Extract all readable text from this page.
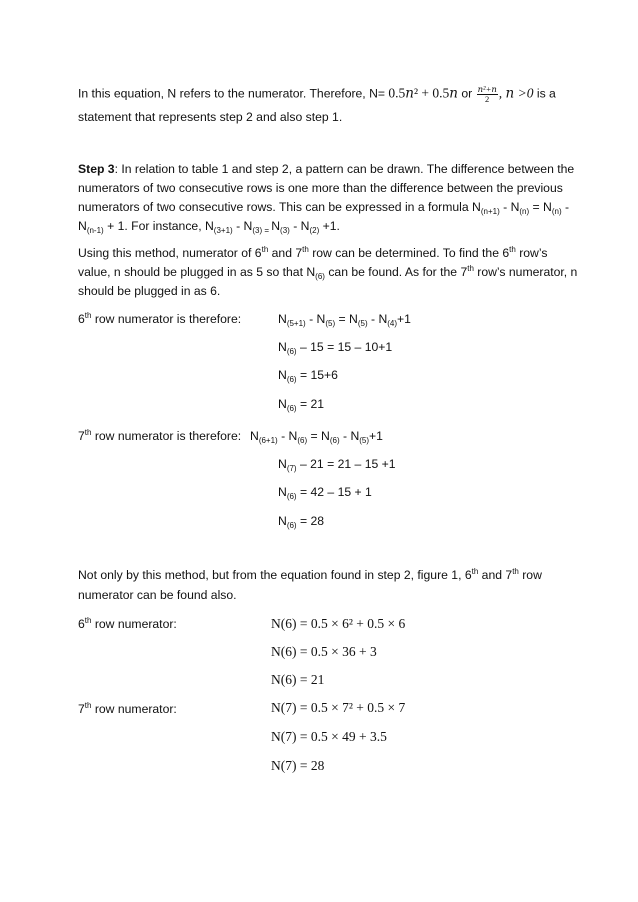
In this equation, N refers to the numerator. Therefore, N= 0.5𝑛² + 0.5𝑛 or $\frac{\text{𝑛²+𝑛}}{2}$ , 𝑛 >0 is a
statement that represents step 2 and also step 1.
Step 3: In relation to table 1 and step 2, a pattern can be drawn. The difference between the
numerators of two consecutive rows is one more than the difference between the previous
numerators of two consecutive rows. This can be expressed in a formula $N_{(n+1)} - N_{(n)} = N_{(n)}$ -
$N_{(n-1)} + 1$. For instance, $N_{(3+1)} - N_{(3) =}$ $N_{(3)} - N_{(2)} +1$.
Using this method, numerator of 6th and 7th row can be determined. To find the 6th row’s
value, n should be plugged in as 5 so that $N_{(6)}$ can be found. As for the 7th row’s numerator, n
should be plugged in as 6.
6th row numerator is therefore:	$N_{(5+1)} - N_{(5)} = N_{(5)} - N_{(4)}+1$
$N_{(6)} - 15 = 15 - 10+1$
$N_{(6)} = 15+6$
$N_{(6)} = 21$
7th row numerator is therefore: $N_{(6+1)} - N_{(6)} = N_{(6)} - N_{(5)}+1$
$N_{(7)} - 21 = 21 - 15 +1$
$N_{(6)} = 42 - 15 + 1$
$N_{(6)} = 28$
Not only by this method, but from the equation found in step 2, figure 1, 6th and 7th row
numerator can be found also.
6th row numerator:	N(6) = 0.5 × 6² + 0.5 × 6
N(6) = 0.5 × 36 + 3
N(6) = 21
7th row numerator:	N(7) = 0.5 × 7² + 0.5 × 7
N(7) = 0.5 × 49 + 3.5
N(7) = 28
